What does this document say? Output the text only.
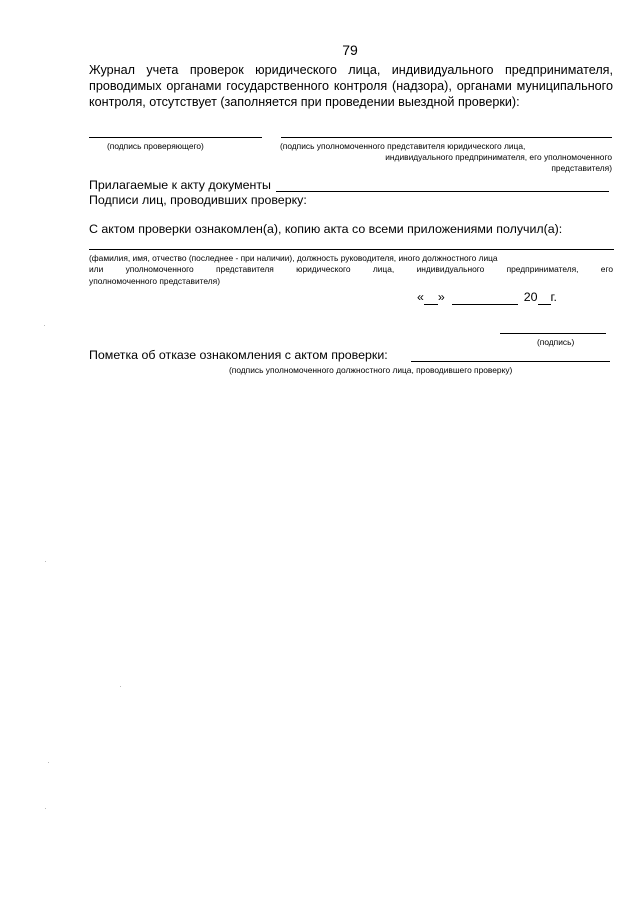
79
Журнал учета проверок юридического лица, индивидуального предпринимателя, проводимых органами государственного контроля (надзора), органами муниципального контроля, отсутствует (заполняется при проведении выездной проверки):
(подпись проверяющего)	(подпись уполномоченного представителя юридического лица,
индивидуального предпринимателя, его уполномоченного
представителя)
Прилагаемые к акту документы
Подписи лиц, проводивших проверку:
С актом проверки ознакомлен(а), копию акта со всеми приложениями получил(а):
(фамилия, имя, отчество (последнее - при наличии), должность руководителя, иного должностного лица
или уполномоченного представителя юридического лица, индивидуального предпринимателя, его
уполномоченного представителя)
« »	20 г.
(подпись)
Пометка об отказе ознакомления с актом проверки:
(подпись уполномоченного должностного лица, проводившего проверку)
